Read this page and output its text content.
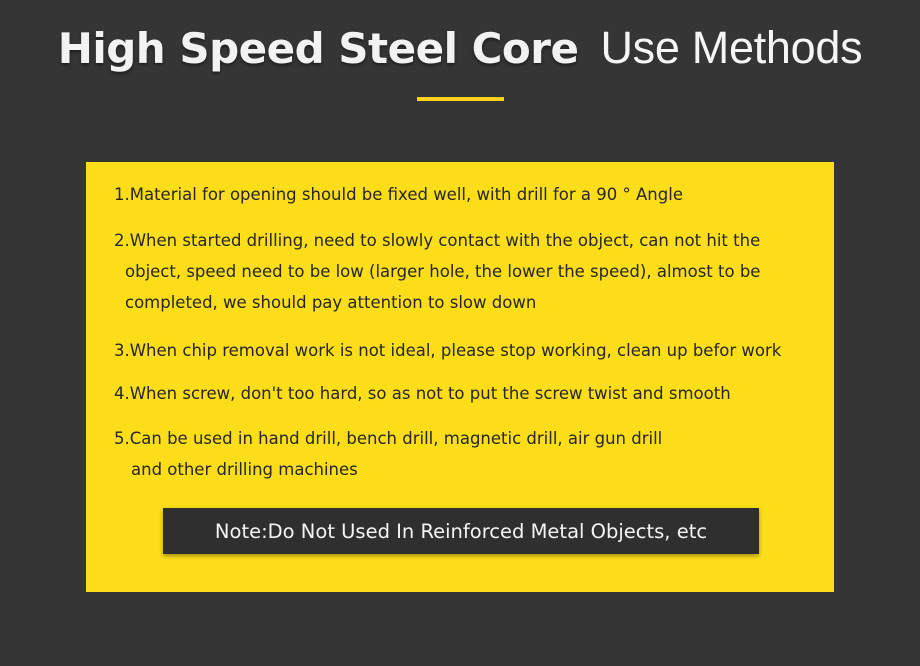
High Speed Steel Core Use Methods
1.Material for opening should be fixed well, with drill for a 90 ° Angle
2.When started drilling, need to slowly contact with the object, can not hit the
object, speed need to be low (larger hole, the lower the speed), almost to be
completed, we should pay attention to slow down
3.When chip removal work is not ideal, please stop working, clean up befor work
4.When screw, don't too hard, so as not to put the screw twist and smooth
5.Can be used in hand drill, bench drill, magnetic drill, air gun drill
and other drilling machines
Note:Do Not Used In Reinforced Metal Objects, etc
